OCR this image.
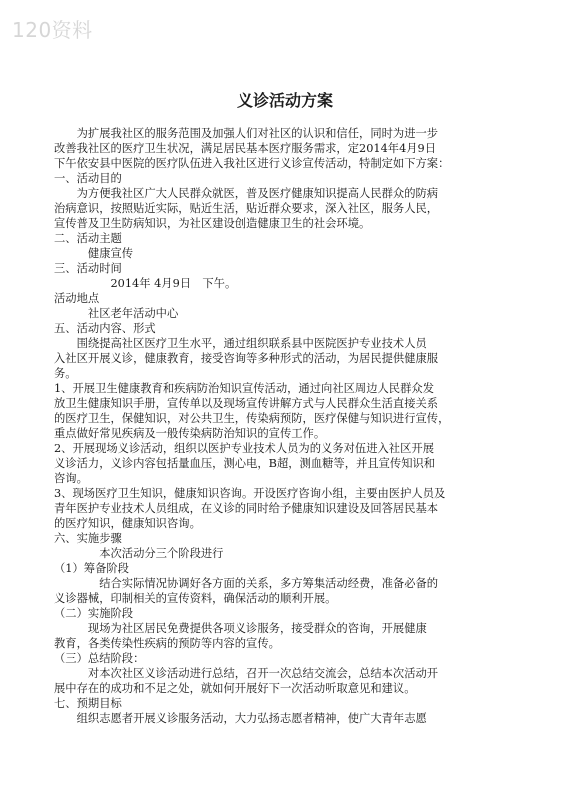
120资料
义诊活动方案
　　为扩展我社区的服务范围及加强人们对社区的认识和信任，同时为进一步
改善我社区的医疗卫生状况，满足居民基本医疗服务需求，定2014年4月9日
下午依安县中医院的医疗队伍进入我社区进行义诊宣传活动，特制定如下方案：
一、活动目的
　　为方便我社区广大人民群众就医，普及医疗健康知识提高人民群众的防病
治病意识，按照贴近实际，贴近生活，贴近群众要求，深入社区，服务人民，
宣传普及卫生防病知识，为社区建设创造健康卫生的社会环境。
二、活动主题
　　　健康宣传
三、活动时间
　　　　　2014年 4月9日　下午。
活动地点
　　　社区老年活动中心
五、活动内容、形式
　　围绕提高社区医疗卫生水平，通过组织联系县中医院医护专业技术人员
入社区开展义诊，健康教育，接受咨询等多种形式的活动，为居民提供健康服
务。
1、开展卫生健康教育和疾病防治知识宣传活动，通过向社区周边人民群众发
放卫生健康知识手册，宣传单以及现场宣传讲解方式与人民群众生活直接关系
的医疗卫生，保健知识，对公共卫生，传染病预防，医疗保健与知识进行宣传，
重点做好常见疾病及一般传染病防治知识的宣传工作。
2、开展现场义诊活动，组织以医护专业技术人员为的义务对伍进入社区开展
义诊活力，义诊内容包括量血压，测心电，B超，测血糖等，并且宣传知识和
咨询。
3、现场医疗卫生知识，健康知识咨询。开设医疗咨询小组，主要由医护人员及
青年医护专业技术人员组成，在义诊的同时给予健康知识建设及回答居民基本
的医疗知识，健康知识咨询。
六、实施步骤
　　　　本次活动分三个阶段进行
（1）筹备阶段
　　　　结合实际情况协调好各方面的关系，多方筹集活动经费，准备必备的
义诊器械，印制相关的宣传资料，确保活动的顺利开展。
（二）实施阶段
　　　现场为社区居民免费提供各项义诊服务，接受群众的咨询，开展健康
教育，各类传染性疾病的预防等内容的宣传。
（三）总结阶段：
　　　对本次社区义诊活动进行总结，召开一次总结交流会，总结本次活动开
展中存在的成功和不足之处，就如何开展好下一次活动听取意见和建议。
七、预期目标
　　组织志愿者开展义诊服务活动，大力弘扬志愿者精神，使广大青年志愿
